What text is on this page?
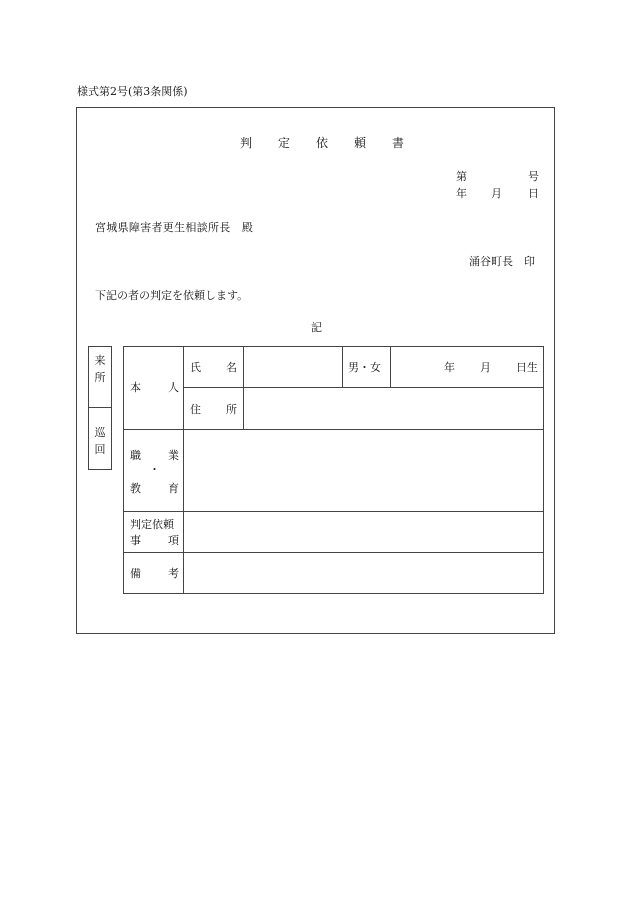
様式第2号(第3条関係)
判定依頼書
第	号
年 月 日
宮城県障害者更生相談所長　殿
涌谷町長　印
下記の者の判定を依頼します。
記
来
所
巡
回
本 人
氏 名	男・女	年 月 日生
住 所
職 業
・
教 育
判定依頼
事 項
備 考
